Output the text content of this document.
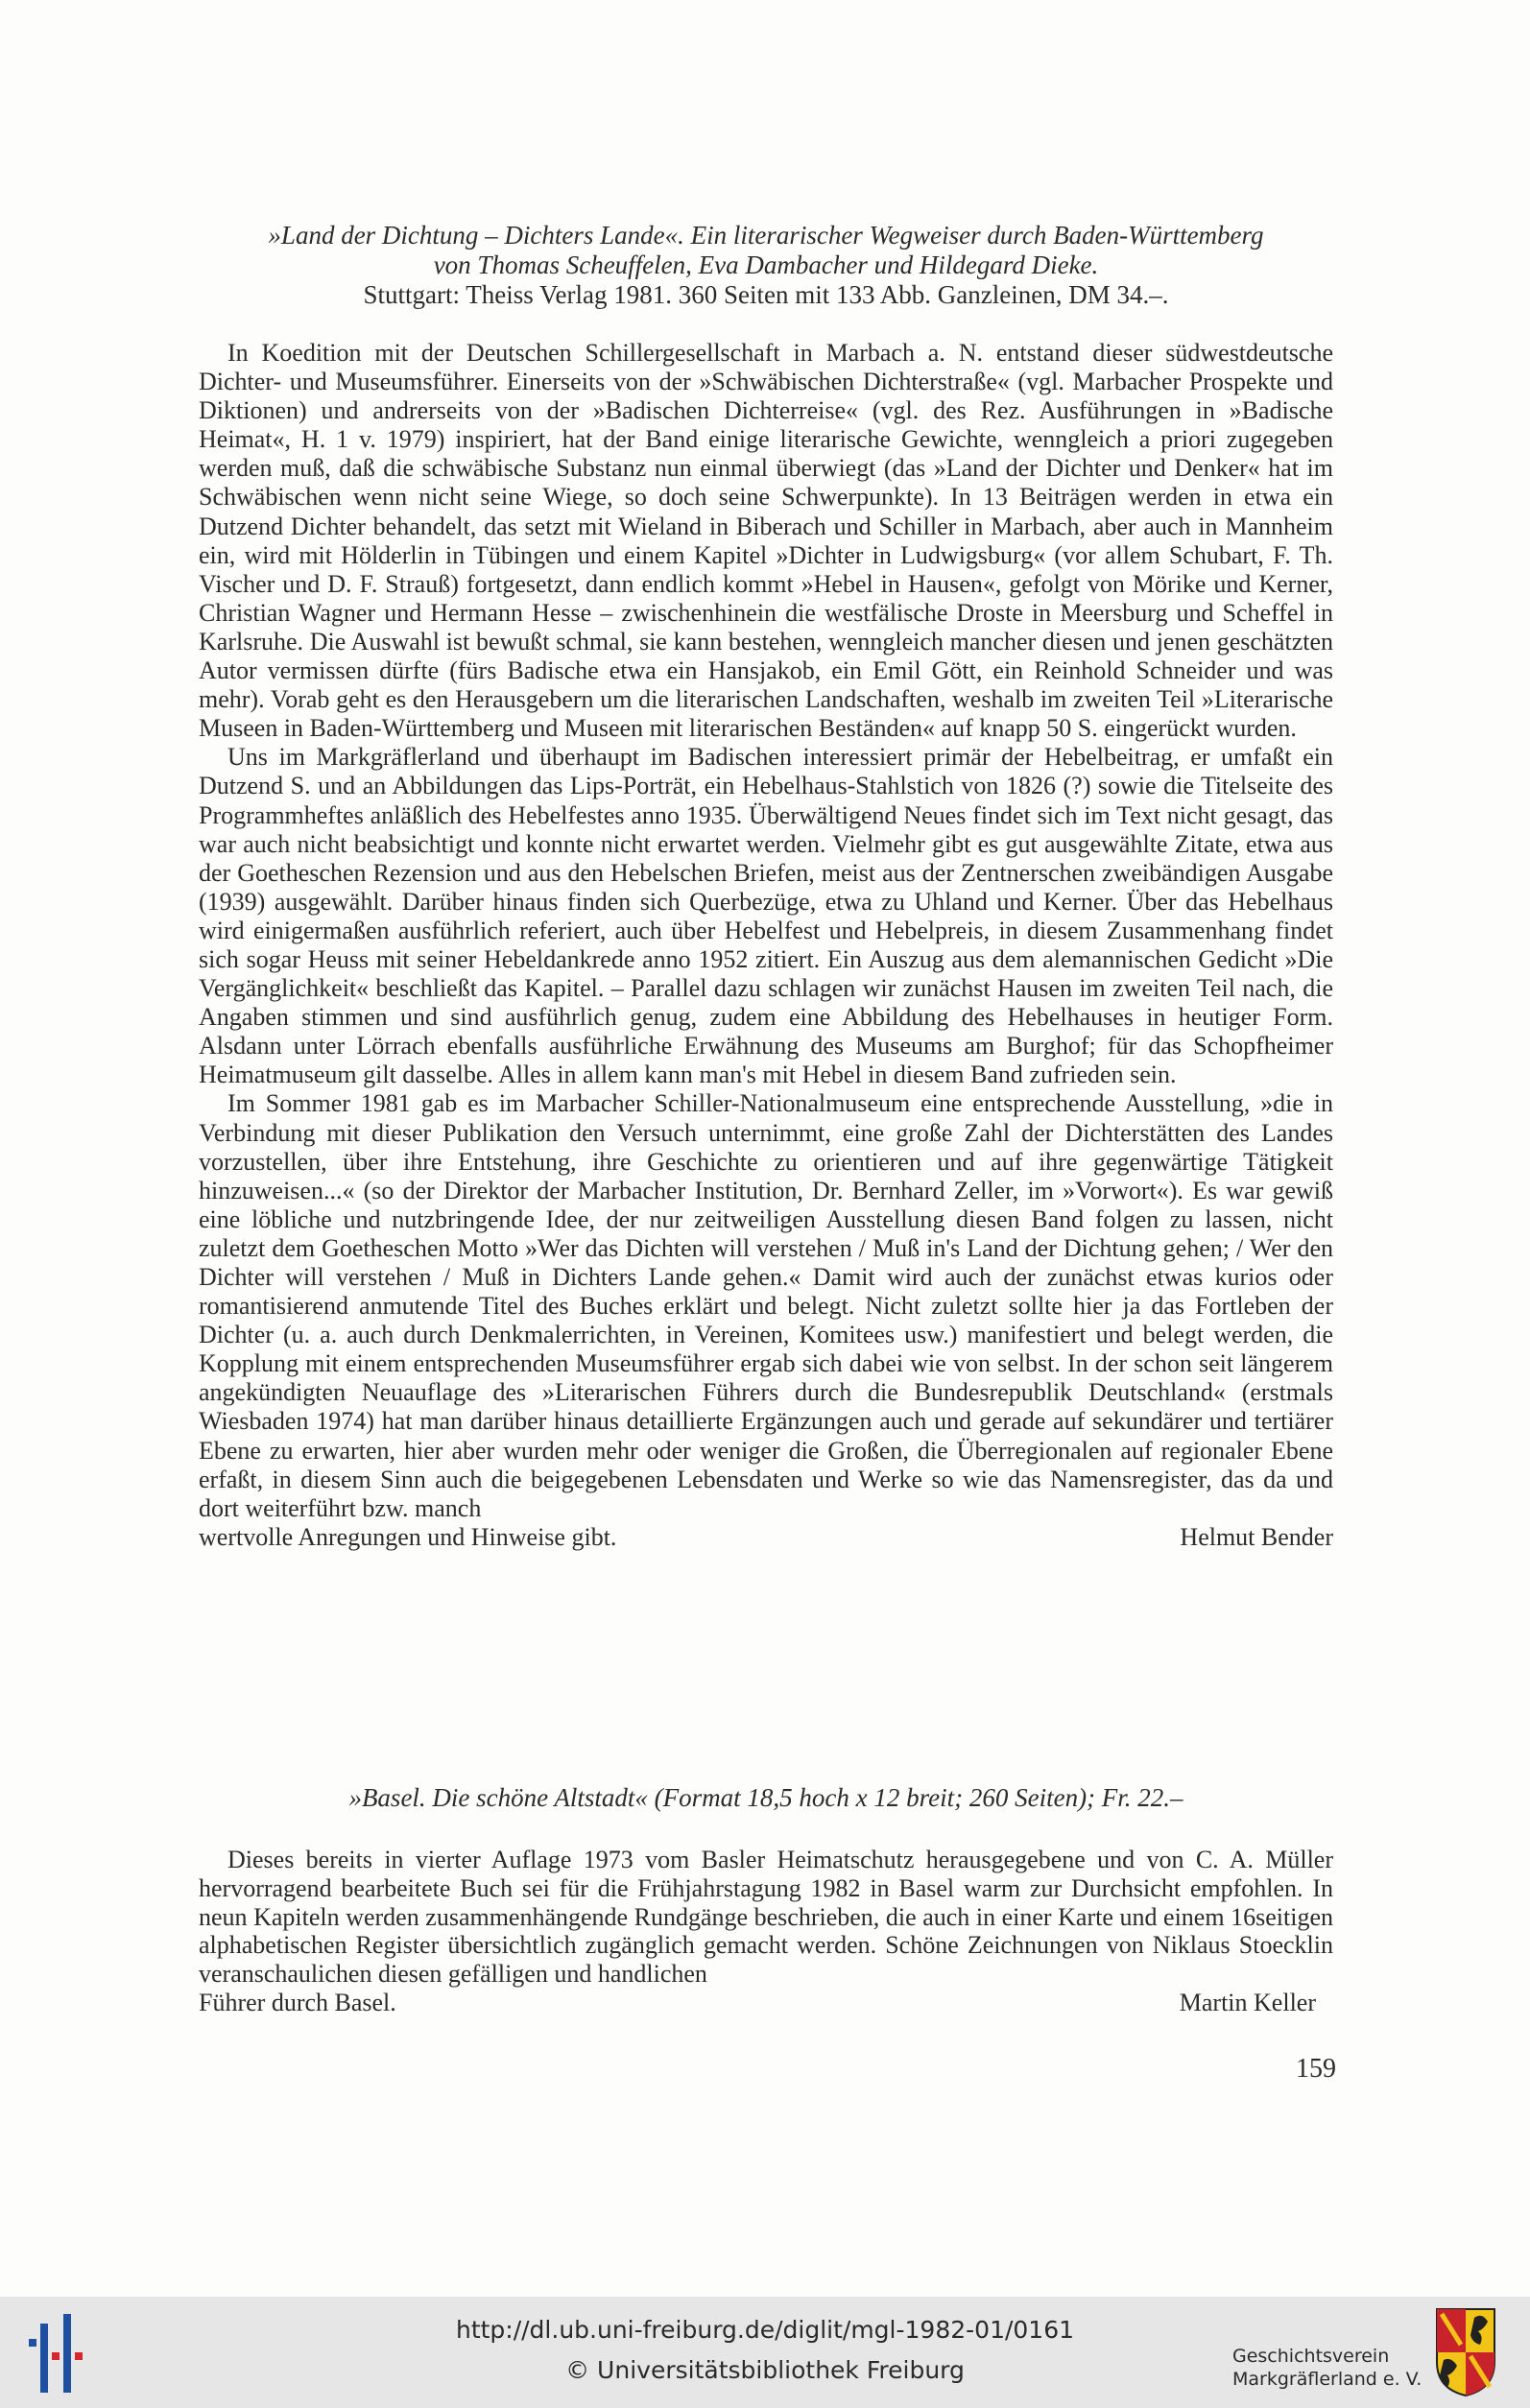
»Land der Dichtung – Dichters Lande«. Ein literarischer Wegweiser durch Baden-Württemberg
von Thomas Scheuffelen, Eva Dambacher und Hildegard Dieke.
Stuttgart: Theiss Verlag 1981. 360 Seiten mit 133 Abb. Ganzleinen, DM 34.–.

In Koedition mit der Deutschen Schillergesellschaft in Marbach a. N. entstand dieser südwestdeutsche Dichter- und Museumsführer. Einerseits von der »Schwäbischen Dichterstraße« (vgl. Marbacher Prospekte und Diktionen) und andrerseits von der »Badischen Dichterreise« (vgl. des Rez. Ausführungen in »Badische Heimat«, H. 1 v. 1979) inspiriert, hat der Band einige literarische Gewichte, wenngleich a priori zugegeben werden muß, daß die schwäbische Substanz nun einmal überwiegt (das »Land der Dichter und Denker« hat im Schwäbischen wenn nicht seine Wiege, so doch seine Schwerpunkte). In 13 Beiträgen werden in etwa ein Dutzend Dichter behandelt, das setzt mit Wieland in Biberach und Schiller in Marbach, aber auch in Mannheim ein, wird mit Hölderlin in Tübingen und einem Kapitel »Dichter in Ludwigsburg« (vor allem Schubart, F. Th. Vischer und D. F. Strauß) fortgesetzt, dann endlich kommt »Hebel in Hausen«, gefolgt von Mörike und Kerner, Christian Wagner und Hermann Hesse – zwischenhinein die westfälische Droste in Meersburg und Scheffel in Karlsruhe. Die Auswahl ist bewußt schmal, sie kann bestehen, wenngleich mancher diesen und jenen geschätzten Autor vermissen dürfte (fürs Badische etwa ein Hansjakob, ein Emil Gött, ein Reinhold Schneider und was mehr). Vorab geht es den Herausgebern um die literarischen Landschaften, weshalb im zweiten Teil »Literarische Museen in Baden-Württemberg und Museen mit literarischen Beständen« auf knapp 50 S. eingerückt wurden.

Uns im Markgräflerland und überhaupt im Badischen interessiert primär der Hebelbeitrag, er umfaßt ein Dutzend S. und an Abbildungen das Lips-Porträt, ein Hebelhaus-Stahlstich von 1826 (?) sowie die Titelseite des Programmheftes anläßlich des Hebelfestes anno 1935. Überwältigend Neues findet sich im Text nicht gesagt, das war auch nicht beabsichtigt und konnte nicht erwartet werden. Vielmehr gibt es gut ausgewählte Zitate, etwa aus der Goetheschen Rezension und aus den Hebelschen Briefen, meist aus der Zentnerschen zweibändigen Ausgabe (1939) ausgewählt. Darüber hinaus finden sich Querbezüge, etwa zu Uhland und Kerner. Über das Hebelhaus wird einigermaßen ausführlich referiert, auch über Hebelfest und Hebelpreis, in diesem Zusammenhang findet sich sogar Heuss mit seiner Hebeldankrede anno 1952 zitiert. Ein Auszug aus dem alemannischen Gedicht »Die Vergänglichkeit« beschließt das Kapitel. – Parallel dazu schlagen wir zunächst Hausen im zweiten Teil nach, die Angaben stimmen und sind ausführlich genug, zudem eine Abbildung des Hebelhauses in heutiger Form. Alsdann unter Lörrach ebenfalls ausführliche Erwähnung des Museums am Burghof; für das Schopfheimer Heimatmuseum gilt dasselbe. Alles in allem kann man's mit Hebel in diesem Band zufrieden sein.

Im Sommer 1981 gab es im Marbacher Schiller-Nationalmuseum eine entsprechende Ausstellung, »die in Verbindung mit dieser Publikation den Versuch unternimmt, eine große Zahl der Dichterstätten des Landes vorzustellen, über ihre Entstehung, ihre Geschichte zu orientieren und auf ihre gegenwärtige Tätigkeit hinzuweisen...« (so der Direktor der Marbacher Institution, Dr. Bernhard Zeller, im »Vorwort«). Es war gewiß eine löbliche und nutzbringende Idee, der nur zeitweiligen Ausstellung diesen Band folgen zu lassen, nicht zuletzt dem Goetheschen Motto »Wer das Dichten will verstehen / Muß in's Land der Dichtung gehen; / Wer den Dichter will verstehen / Muß in Dichters Lande gehen.« Damit wird auch der zunächst etwas kurios oder romantisierend anmutende Titel des Buches erklärt und belegt. Nicht zuletzt sollte hier ja das Fortleben der Dichter (u. a. auch durch Denkmalerrichten, in Vereinen, Komitees usw.) manifestiert und belegt werden, die Kopplung mit einem entsprechenden Museumsführer ergab sich dabei wie von selbst. In der schon seit längerem angekündigten Neuauflage des »Literarischen Führers durch die Bundesrepublik Deutschland« (erstmals Wiesbaden 1974) hat man darüber hinaus detaillierte Ergänzungen auch und gerade auf sekundärer und tertiärer Ebene zu erwarten, hier aber wurden mehr oder weniger die Großen, die Überregionalen auf regionaler Ebene erfaßt, in diesem Sinn auch die beigegebenen Lebensdaten und Werke so wie das Namensregister, das da und dort weiterführt bzw. manch

wertvolle Anregungen und Hinweise gibt.	Helmut Bender
»Basel. Die schöne Altstadt« (Format 18,5 hoch x 12 breit; 260 Seiten); Fr. 22.–

Dieses bereits in vierter Auflage 1973 vom Basler Heimatschutz herausgegebene und von C. A. Müller hervorragend bearbeitete Buch sei für die Frühjahrstagung 1982 in Basel warm zur Durchsicht empfohlen. In neun Kapiteln werden zusammenhängende Rundgänge beschrieben, die auch in einer Karte und einem 16seitigen alphabetischen Register übersichtlich zugänglich gemacht werden. Schöne Zeichnungen von Niklaus Stoecklin veranschaulichen diesen gefälligen und handlichen

Führer durch Basel.	Martin Keller
159
http://dl.ub.uni-freiburg.de/diglit/mgl-1982-01/0161
© Universitätsbibliothek Freiburg	Geschichtsverein
Markgräflerland e. V.
